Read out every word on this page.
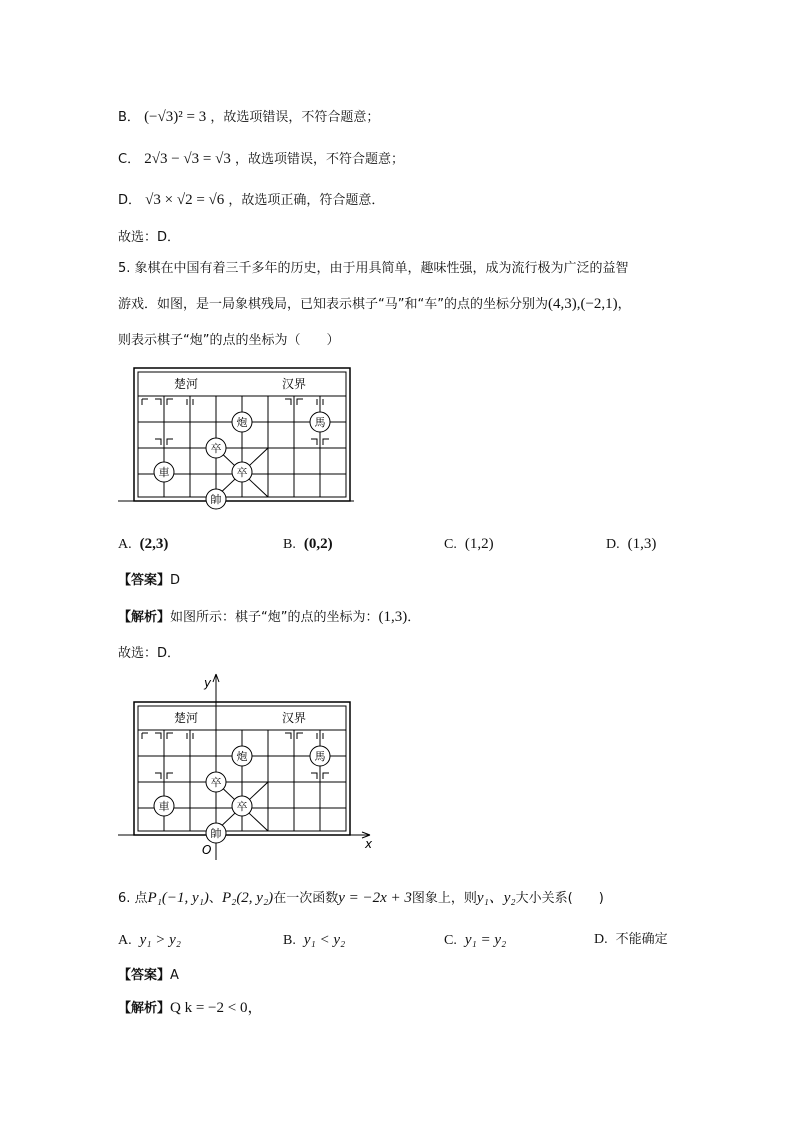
B． (−√3)² = 3 ，故选项错误，不符合题意；
C． 2√3 − √3 = √3 ，故选项错误，不符合题意；
D． √3 × √2 = √6 ，故选项正确，符合题意．
故选：D．
5. 象棋在中国有着三千多年的历史，由于用具简单，趣味性强，成为流行极为广泛的益智
游戏．如图，是一局象棋残局，已知表示棋子“马”和“车”的点的坐标分别为(4,3),(−2,1)，
则表示棋子“炮”的点的坐标为（　　）
楚河	汉界
炮	馬
卒
車	卒
帥
A. (2,3)	B. (0,2)	C. (1,2)	D. (1,3)
【答案】D
【解析】如图所示：棋子“炮”的点的坐标为：(1,3)．
故选：D．
x
楚河	汉界
y
O
炮	馬
卒
車	卒
帥
6. 点P₁(−1, y₁)、P₂(2, y₂)在一次函数y = −2x + 3图象上，则y₁、y₂大小关系(　　)
A. y₁ > y₂	B. y₁ < y₂	C. y₁ = y₂	D. 不能确定
【答案】A
【解析】Q k = −2 < 0，
